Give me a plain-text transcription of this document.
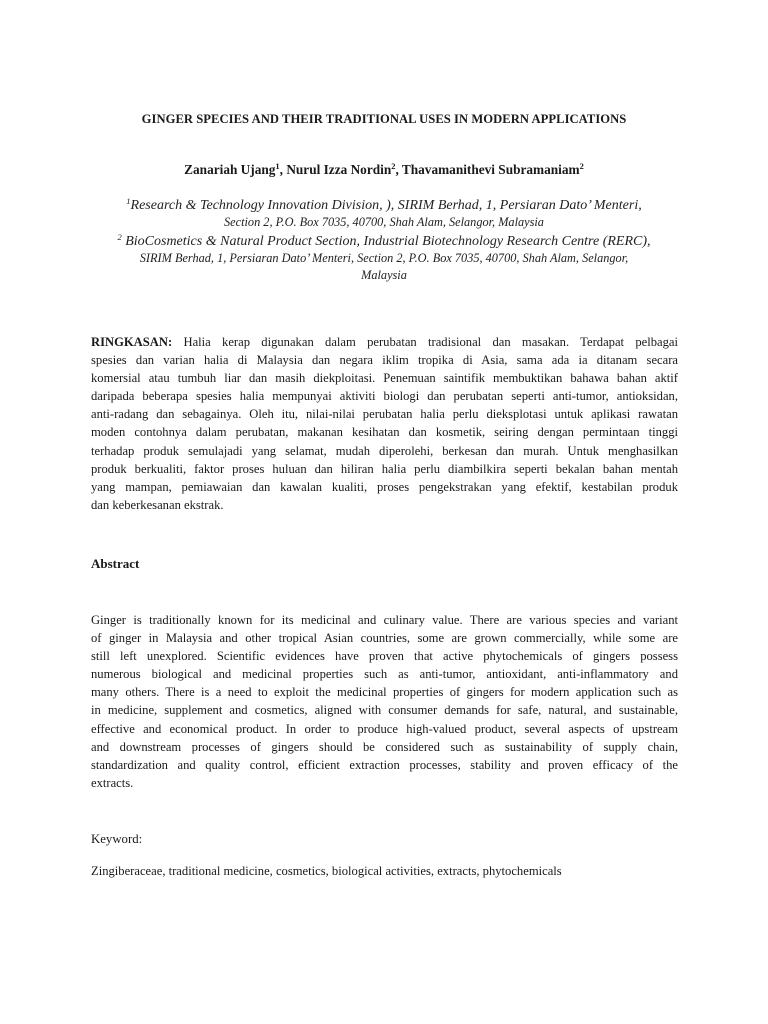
GINGER SPECIES AND THEIR TRADITIONAL USES IN MODERN APPLICATIONS
Zanariah Ujang$^1$, Nurul Izza Nordin$^2$, Thavamanithevi Subramaniam$^2$
$^1$Research & Technology Innovation Division, ), SIRIM Berhad, 1, Persiaran Dato’ Menteri,
Section 2, P.O. Box 7035, 40700, Shah Alam, Selangor, Malaysia
$^2$ BioCosmetics & Natural Product Section, Industrial Biotechnology Research Centre (RERC),
SIRIM Berhad, 1, Persiaran Dato’ Menteri, Section 2, P.O. Box 7035, 40700, Shah Alam, Selangor,
Malaysia
RINGKASAN: Halia kerap digunakan dalam perubatan tradisional dan masakan. Terdapat pelbagai
spesies dan varian halia di Malaysia dan negara iklim tropika di Asia, sama ada ia ditanam secara
komersial atau tumbuh liar dan masih diekploitasi. Penemuan saintifik membuktikan bahawa bahan aktif
daripada beberapa spesies halia mempunyai aktiviti biologi dan perubatan seperti anti-tumor, antioksidan,
anti-radang dan sebagainya. Oleh itu, nilai-nilai perubatan halia perlu dieksplotasi untuk aplikasi rawatan
moden contohnya dalam perubatan, makanan kesihatan dan kosmetik, seiring dengan permintaan tinggi
terhadap produk semulajadi yang selamat, mudah diperolehi, berkesan dan murah. Untuk menghasilkan
produk berkualiti, faktor proses huluan dan hiliran halia perlu diambilkira seperti bekalan bahan mentah
yang mampan, pemiawaian dan kawalan kualiti, proses pengekstrakan yang efektif, kestabilan produk
dan keberkesanan ekstrak.
Abstract
Ginger is traditionally known for its medicinal and culinary value. There are various species and variant
of ginger in Malaysia and other tropical Asian countries, some are grown commercially, while some are
still left unexplored. Scientific evidences have proven that active phytochemicals of gingers possess
numerous biological and medicinal properties such as anti-tumor, antioxidant, anti-inflammatory and
many others. There is a need to exploit the medicinal properties of gingers for modern application such as
in medicine, supplement and cosmetics, aligned with consumer demands for safe, natural, and sustainable,
effective and economical product. In order to produce high-valued product, several aspects of upstream
and downstream processes of gingers should be considered such as sustainability of supply chain,
standardization and quality control, efficient extraction processes, stability and proven efficacy of the
extracts.
Keyword:
Zingiberaceae, traditional medicine, cosmetics, biological activities, extracts, phytochemicals
